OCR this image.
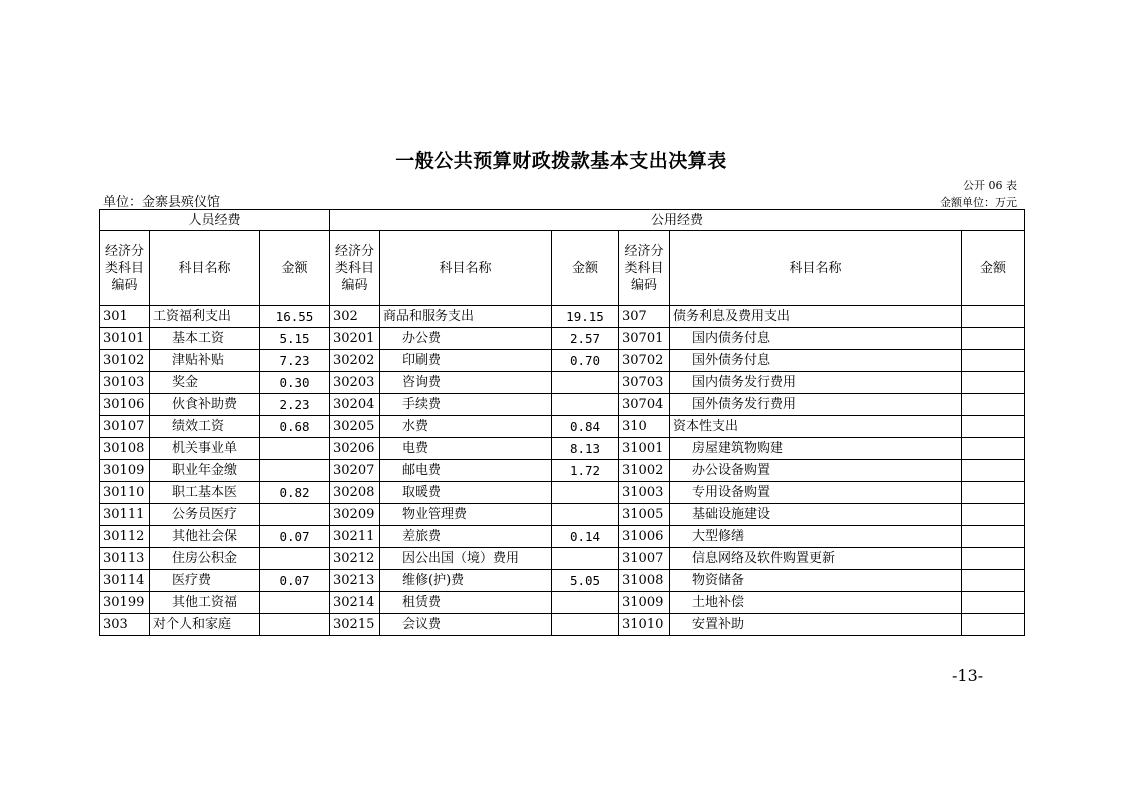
一般公共预算财政拨款基本支出决算表
公开 06 表
单位：金寨县殡仪馆	金额单位：万元
人员经费			公用经费					
经济分类科目编码	科目名称	金额	经济分类科目编码	科目名称	金额	经济分类科目编码	科目名称	金额
301	工资福利支出	16.55	302	商品和服务支出	19.15	307	债务利息及费用支出	
30101	基本工资	5.15	30201	办公费	2.57	30701	国内债务付息	
30102	津贴补贴	7.23	30202	印刷费	0.70	30702	国外债务付息	
30103	奖金	0.30	30203	咨询费		30703	国内债务发行费用	
30106	伙食补助费	2.23	30204	手续费		30704	国外债务发行费用	
30107	绩效工资	0.68	30205	水费	0.84	310	资本性支出	
30108	机关事业单		30206	电费	8.13	31001	房屋建筑物购建	
30109	职业年金缴		30207	邮电费	1.72	31002	办公设备购置	
30110	职工基本医	0.82	30208	取暖费		31003	专用设备购置	
30111	公务员医疗		30209	物业管理费		31005	基础设施建设	
30112	其他社会保	0.07	30211	差旅费	0.14	31006	大型修缮	
30113	住房公积金		30212	因公出国（境）费用		31007	信息网络及软件购置更新	
30114	医疗费	0.07	30213	维修(护)费	5.05	31008	物资储备	
30199	其他工资福		30214	租赁费		31009	土地补偿	
303	对个人和家庭		30215	会议费		31010	安置补助	
-13-
